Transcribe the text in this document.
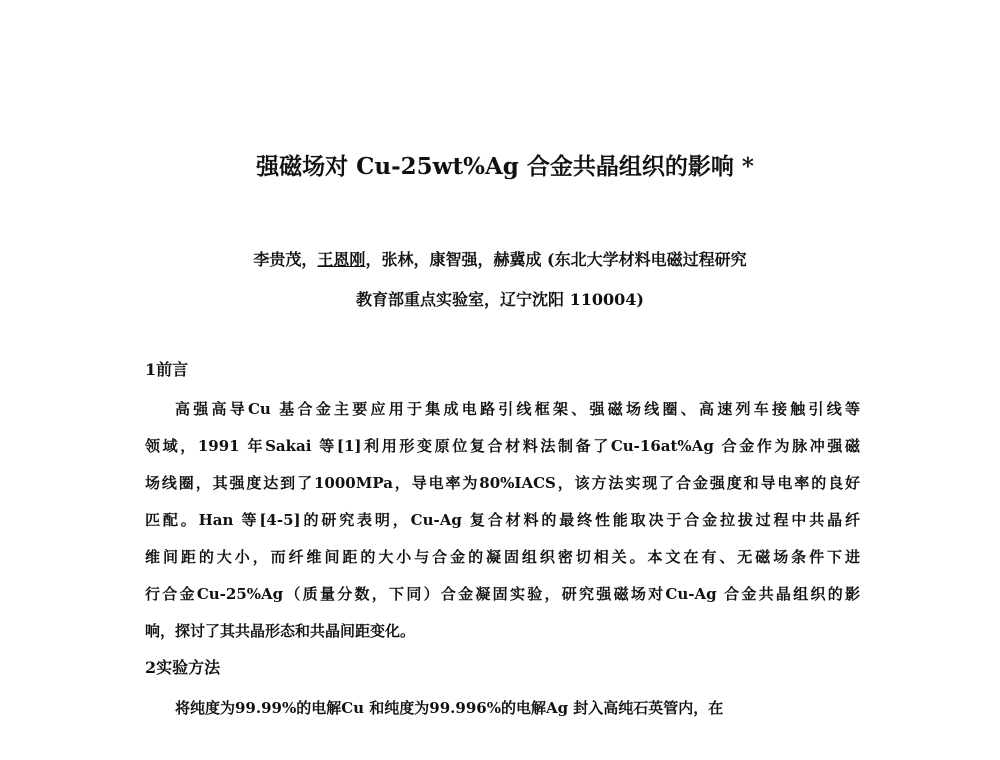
强磁场对 Cu-25wt%Ag 合金共晶组织的影响 *
李贵茂，王恩刚，张林，康智强，赫冀成 (东北大学材料电磁过程研究
教育部重点实验室，辽宁沈阳 110004)
1前言
高强高导Cu 基合金主要应用于集成电路引线框架、强磁场线圈、高速列车接触引线等
领域，1991 年Sakai 等[1]利用形变原位复合材料法制备了Cu-16at%Ag 合金作为脉冲强磁
场线圈，其强度达到了1000MPa，导电率为80%IACS，该方法实现了合金强度和导电率的良好
匹配。Han 等[4-5]的研究表明，Cu-Ag 复合材料的最终性能取决于合金拉拔过程中共晶纤
维间距的大小，而纤维间距的大小与合金的凝固组织密切相关。本文在有、无磁场条件下进
行合金Cu-25%Ag（质量分数，下同）合金凝固实验，研究强磁场对Cu-Ag 合金共晶组织的影
响，探讨了其共晶形态和共晶间距变化。
2实验方法
将纯度为99.99%的电解Cu 和纯度为99.996%的电解Ag 封入高纯石英管内，在
